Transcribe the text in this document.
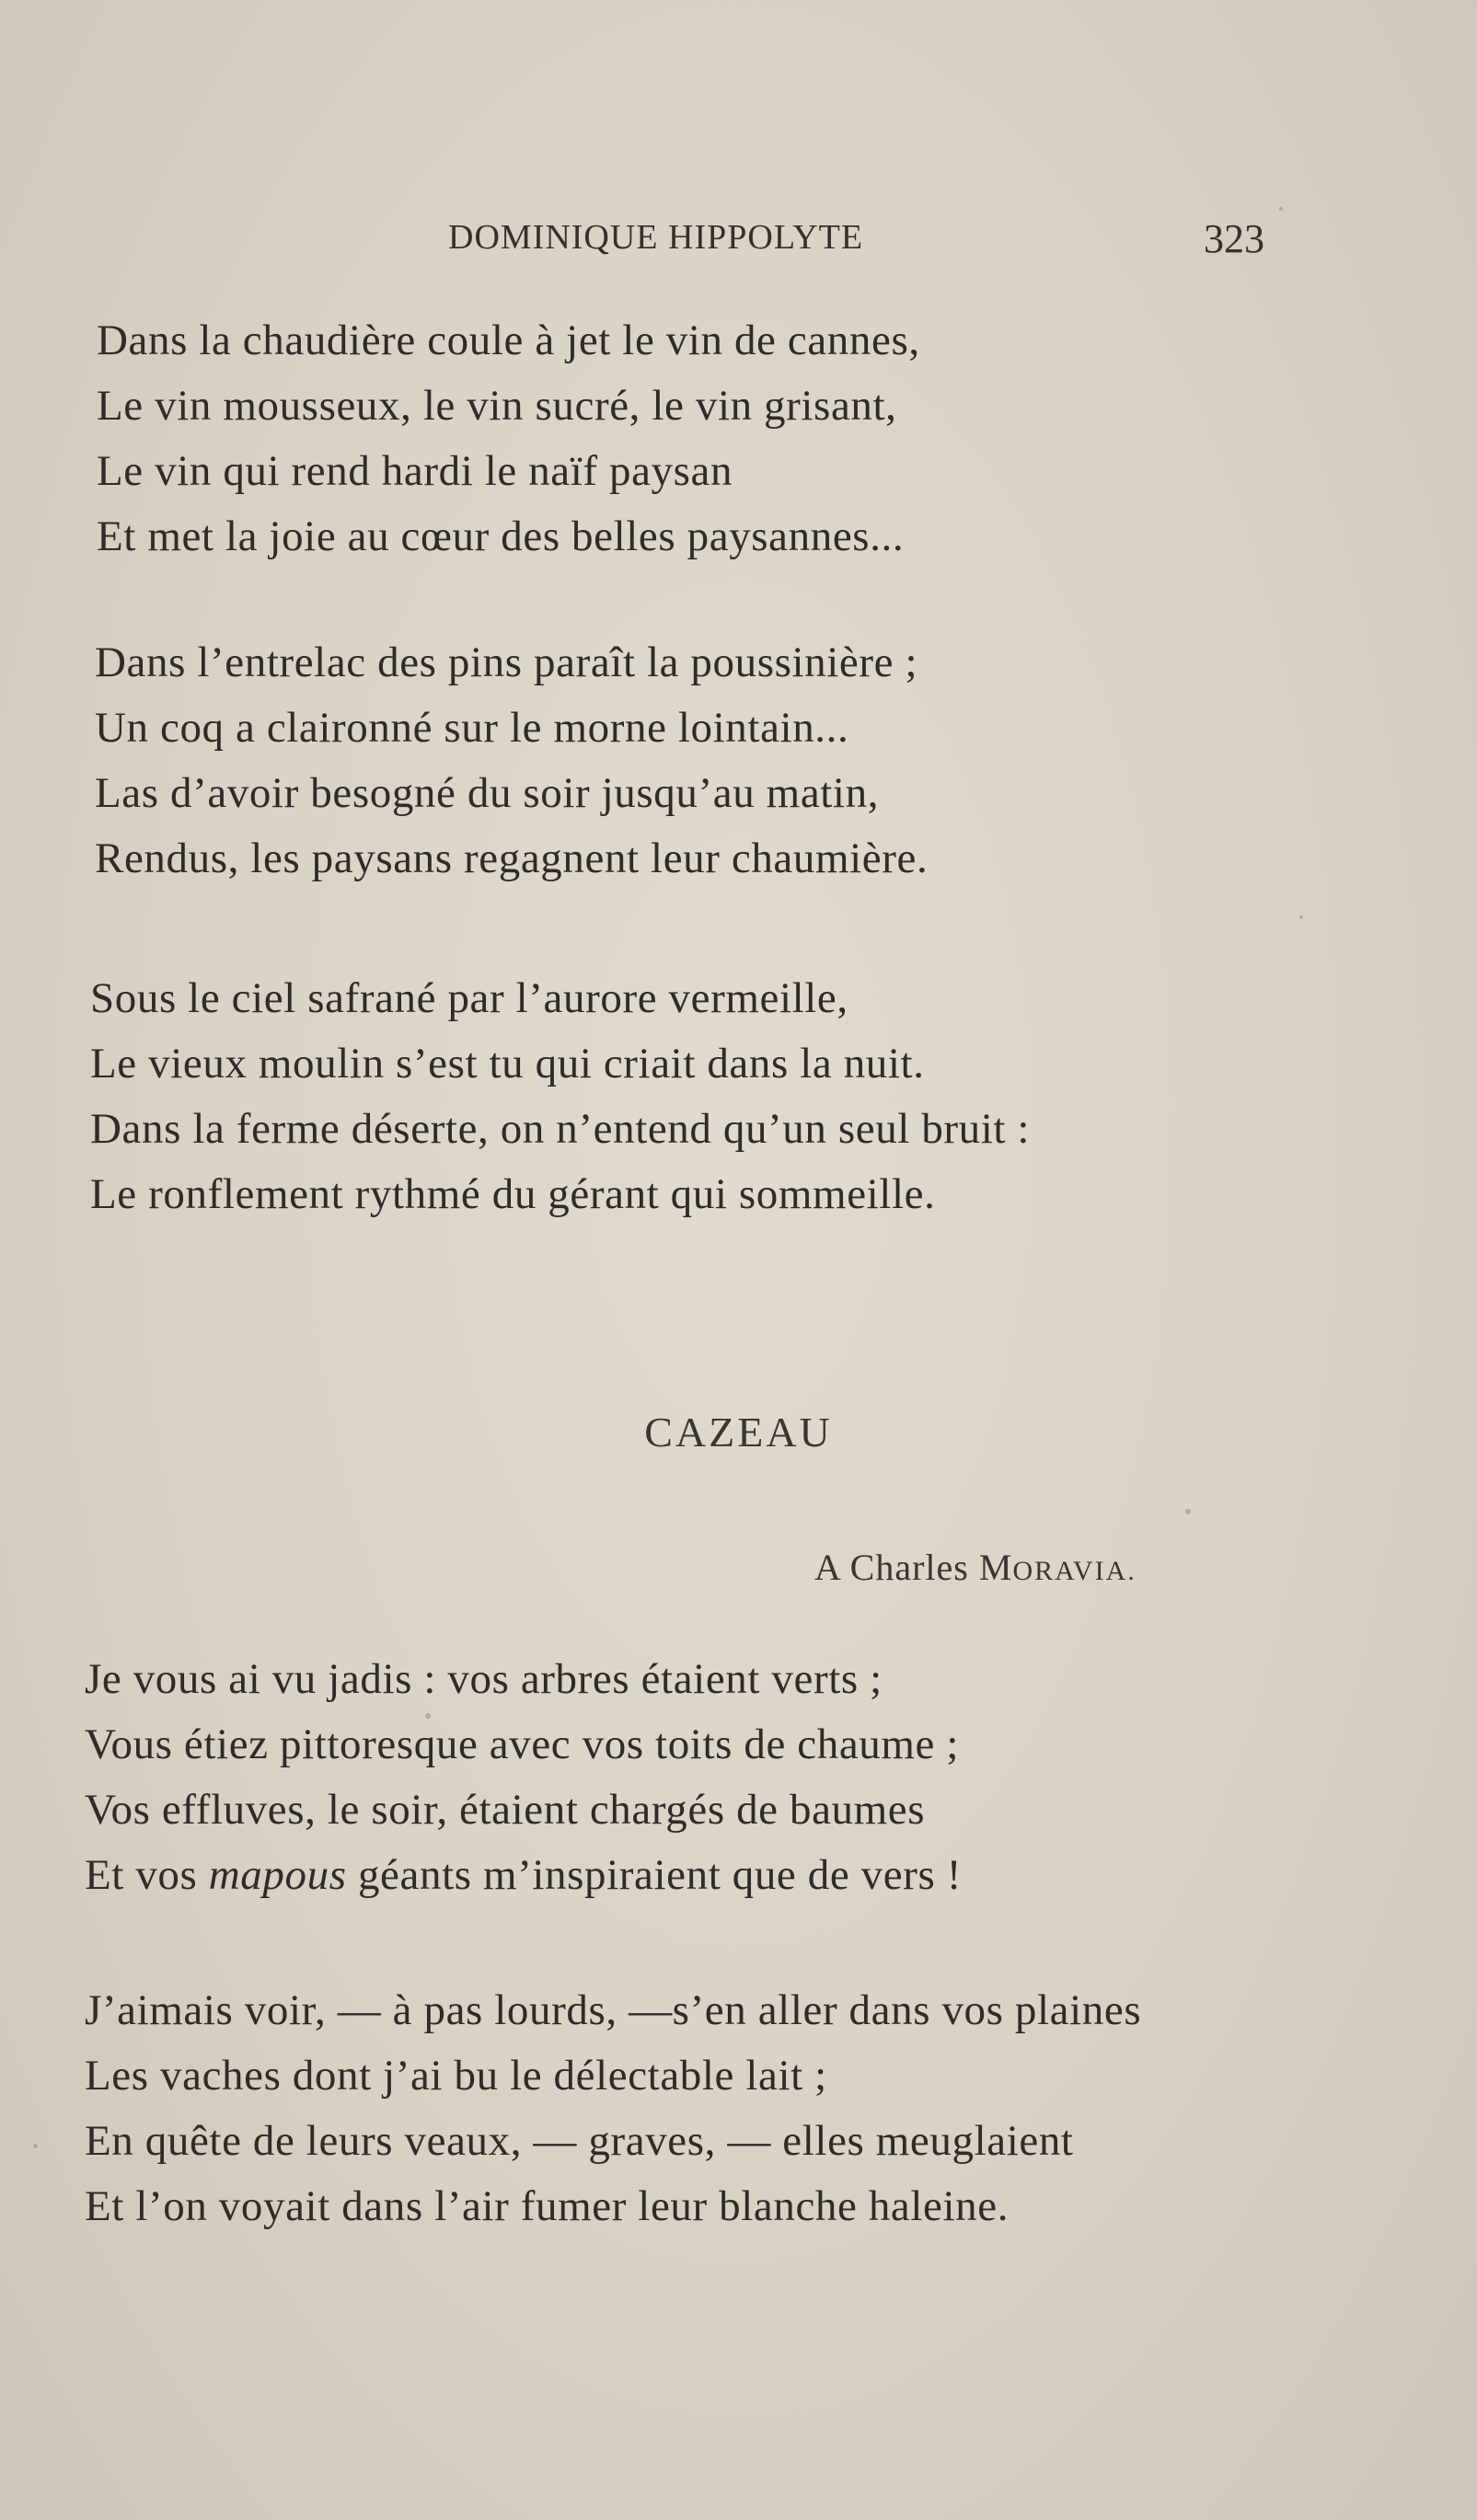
DOMINIQUE HIPPOLYTE	323
Dans la chaudière coule à jet le vin de cannes,
Le vin mousseux, le vin sucré, le vin grisant,
Le vin qui rend hardi le naïf paysan
Et met la joie au cœur des belles paysannes...
Dans l’entrelac des pins paraît la poussinière ;
Un coq a claironné sur le morne lointain...
Las d’avoir besogné du soir jusqu’au matin,
Rendus, les paysans regagnent leur chaumière.
Sous le ciel safrané par l’aurore vermeille,
Le vieux moulin s’est tu qui criait dans la nuit.
Dans la ferme déserte, on n’entend qu’un seul bruit :
Le ronflement rythmé du gérant qui sommeille.
CAZEAU
A Charles MORAVIA.
Je vous ai vu jadis : vos arbres étaient verts ;
Vous étiez pittoresque avec vos toits de chaume ;
Vos effluves, le soir, étaient chargés de baumes
Et vos mapous géants m’inspiraient que de vers !
J’aimais voir, — à pas lourds, —s’en aller dans vos plaines
Les vaches dont j’ai bu le délectable lait ;
En quête de leurs veaux, — graves, — elles meuglaient
Et l’on voyait dans l’air fumer leur blanche haleine.
